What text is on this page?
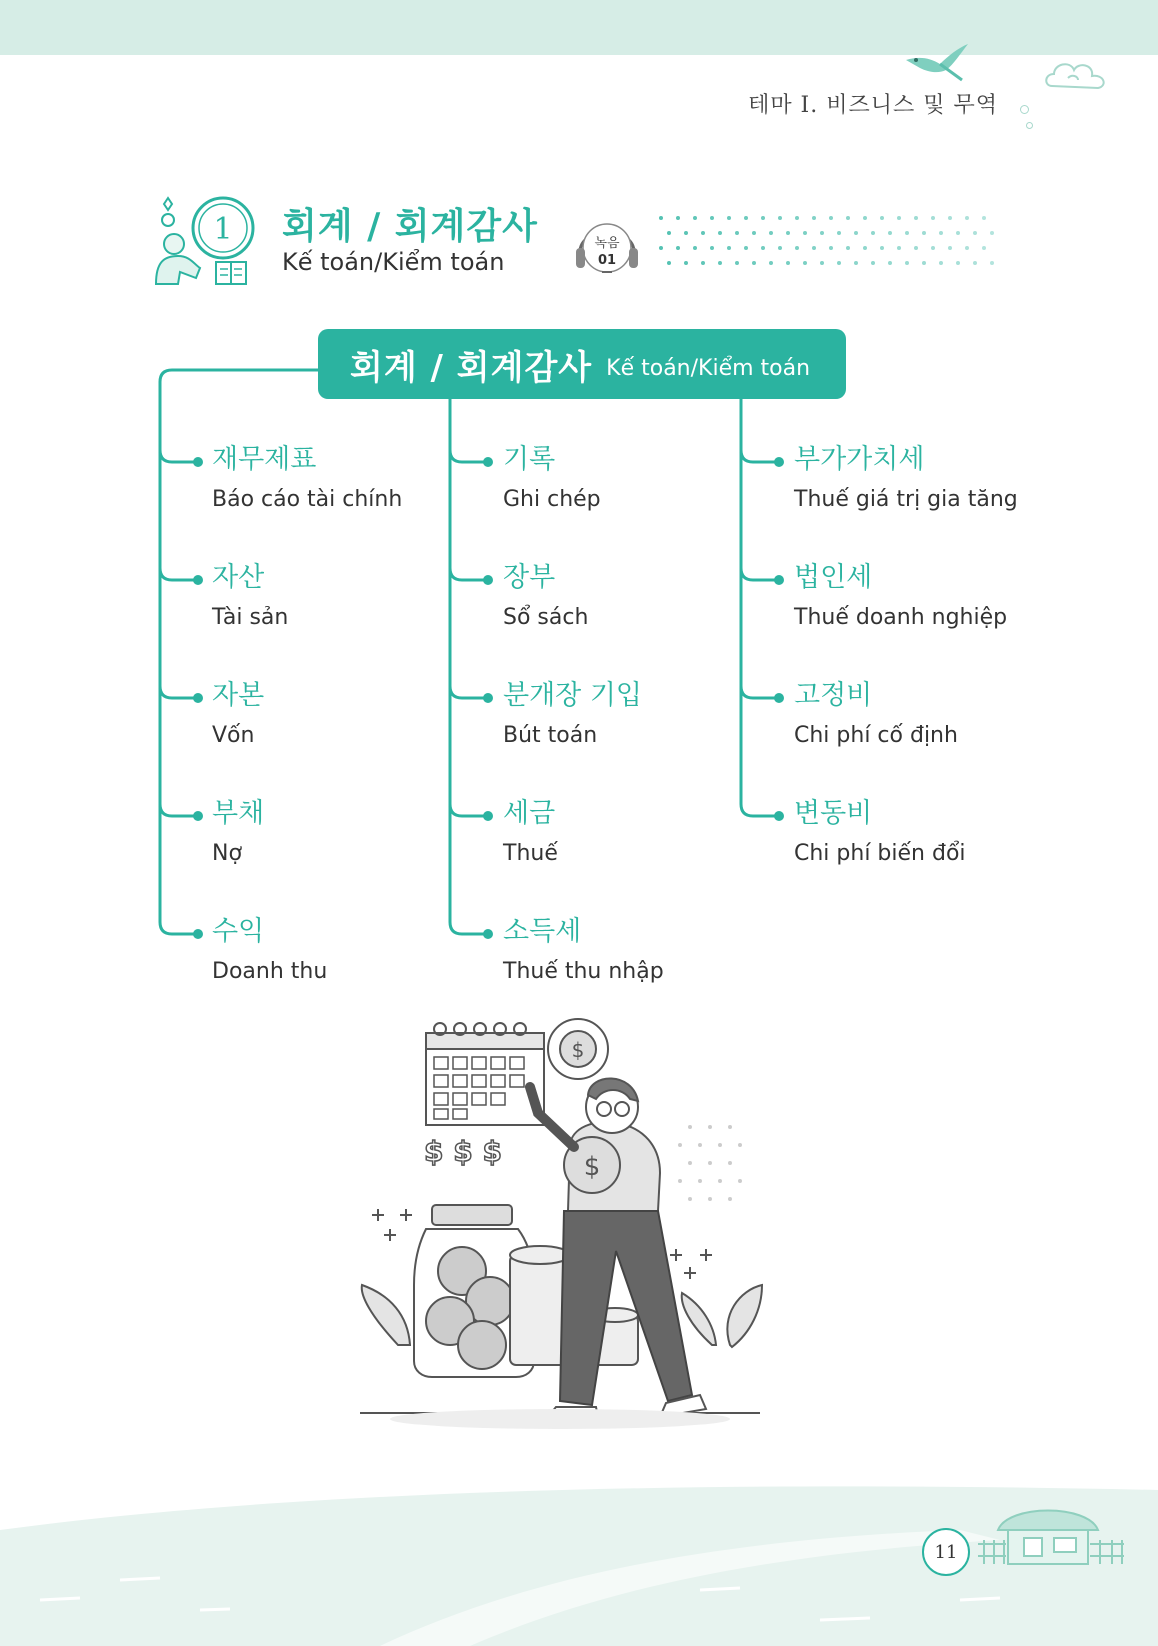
테마 I. 비즈니스 및 무역
1 회계 / 회계감사
Kế toán/Kiểm toán
녹음
01
회계 / 회계감사 Kế toán/Kiểm toán
재무제표
Báo cáo tài chính
자산
Tài sản
자본
Vốn
부채
Nợ
수익
Doanh thu
기록
Ghi chép
장부
Sổ sách
분개장 기입
Bút toán
세금
Thuế
소득세
Thuế thu nhập
부가가치세
Thuế giá trị gia tăng
법인세
Thuế doanh nghiệp
고정비
Chi phí cố định
변동비
Chi phí biến đổi
$ $ $
$
$
11
